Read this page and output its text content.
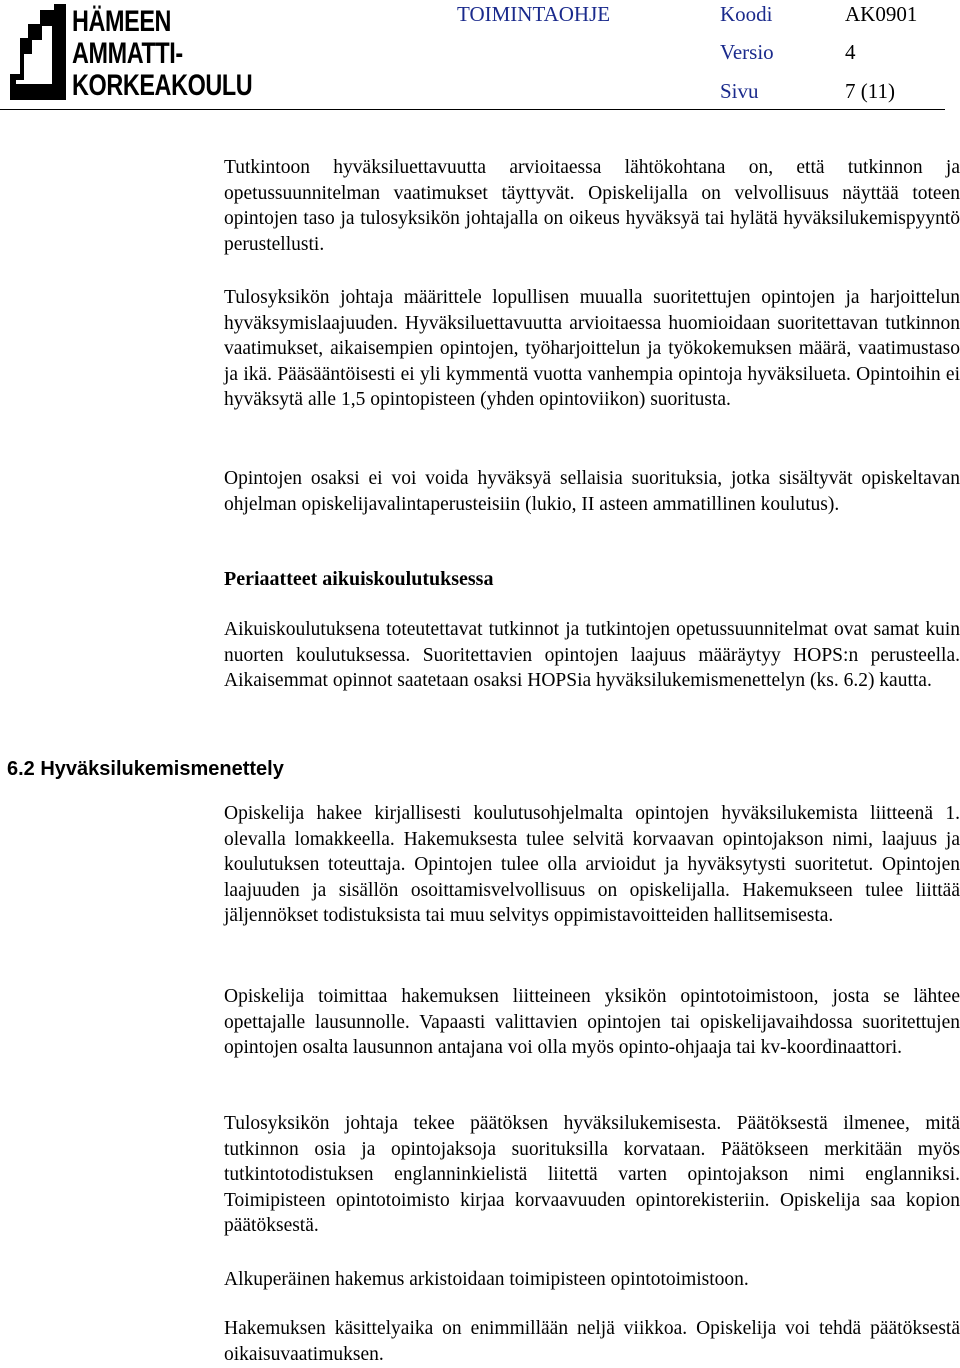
HÄMEEN
AMMATTI-
KORKEAKOULU
TOIMINTAOHJE	Koodi	AK0901
Versio	4
Sivu	7 (11)

Tutkintoon hyväksiluettavuutta arvioitaessa lähtökohtana on, että tutkinnon ja opetussuunnitelman vaatimukset täyttyvät. Opiskelijalla on velvollisuus näyttää toteen opintojen taso ja tulosyksikön johtajalla on oikeus hyväksyä tai hylätä hyväksilukemispyyntö perustellusti.

Tulosyksikön johtaja määrittele lopullisen muualla suoritettujen opintojen ja harjoittelun hyväksymislaajuuden. Hyväksiluettavuutta arvioitaessa huomioidaan suoritettavan tutkinnon vaatimukset, aikaisempien opintojen, työharjoittelun ja työkokemuksen määrä, vaatimustaso ja ikä. Pääsääntöisesti ei yli kymmentä vuotta vanhempia opintoja hyväksilueta. Opintoihin ei hyväksytä alle 1,5 opintopisteen (yhden opintoviikon) suoritusta.

Opintojen osaksi ei voi voida hyväksyä sellaisia suorituksia, jotka sisältyvät opiskeltavan ohjelman opiskelijavalintaperusteisiin (lukio, II asteen ammatillinen koulutus).

Periaatteet aikuiskoulutuksessa

Aikuiskoulutuksena toteutettavat tutkinnot ja tutkintojen opetussuunnitelmat ovat samat kuin nuorten koulutuksessa. Suoritettavien opintojen laajuus määräytyy HOPS:n perusteella. Aikaisemmat opinnot saatetaan osaksi HOPSia hyväksilukemismenettelyn (ks. 6.2) kautta.

6.2 Hyväksilukemismenettely

Opiskelija hakee kirjallisesti koulutusohjelmalta opintojen hyväksilukemista liitteenä 1. olevalla lomakkeella. Hakemuksesta tulee selvitä korvaavan opintojakson nimi, laajuus ja koulutuksen toteuttaja. Opintojen tulee olla arvioidut ja hyväksytysti suoritetut. Opintojen laajuuden ja sisällön osoittamisvelvollisuus on opiskelijalla. Hakemukseen tulee liittää jäljennökset todistuksista tai muu selvitys oppimistavoitteiden hallitsemisesta.

Opiskelija toimittaa hakemuksen liitteineen yksikön opintotoimistoon, josta se lähtee opettajalle lausunnolle. Vapaasti valittavien opintojen tai opiskelijavaihdossa suoritettujen opintojen osalta lausunnon antajana voi olla myös opinto-ohjaaja tai kv-koordinaattori.

Tulosyksikön johtaja tekee päätöksen hyväksilukemisesta. Päätöksestä ilmenee, mitä tutkinnon osia ja opintojaksoja suorituksilla korvataan. Päätökseen merkitään myös tutkintotodistuksen englanninkielistä liitettä varten opintojakson nimi englanniksi. Toimipisteen opintotoimisto kirjaa korvaavuuden opintorekisteriin. Opiskelija saa kopion päätöksestä.

Alkuperäinen hakemus arkistoidaan toimipisteen opintotoimistoon.

Hakemuksen käsittelyaika on enimmillään neljä viikkoa. Opiskelija voi tehdä päätöksestä oikaisuvaatimuksen.
